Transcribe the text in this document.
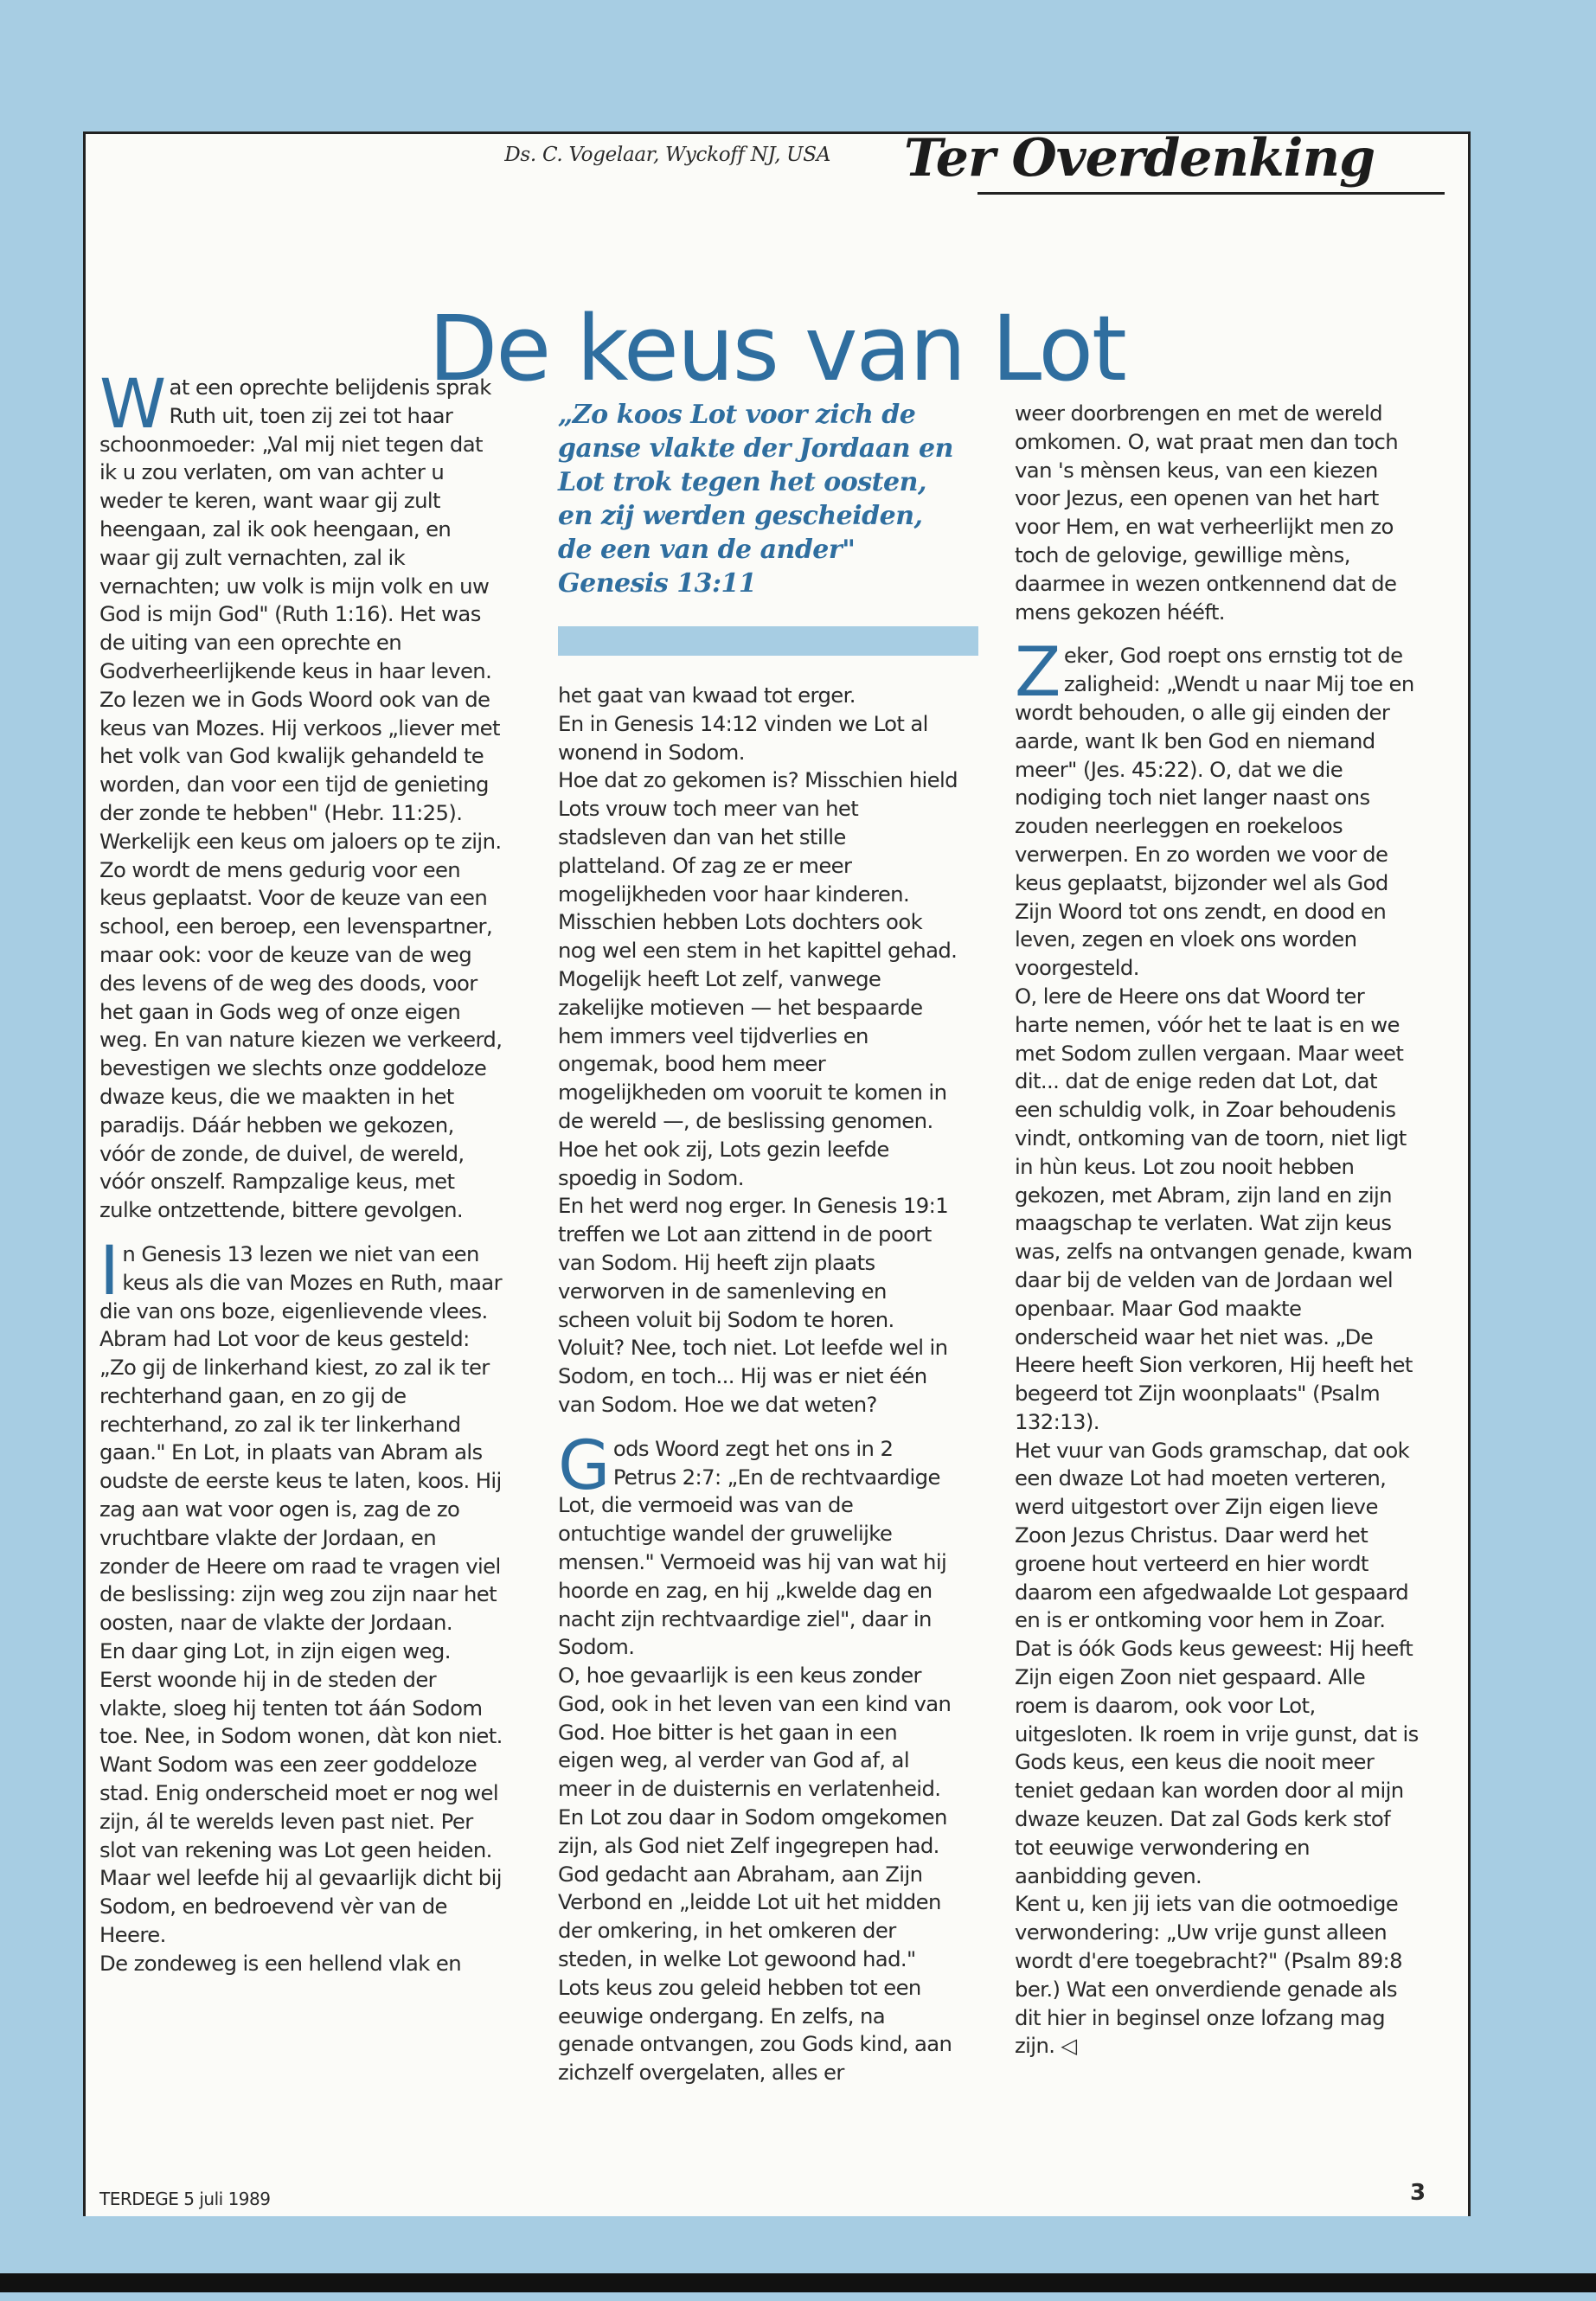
Ds. C. Vogelaar, Wyckoff NJ, USA Ter Overdenking
De keus van Lot

Wat een oprechte belijdenis sprak Ruth uit, toen zij zei tot haar schoonmoeder: „Val mij niet tegen dat ik u zou verlaten, om van achter u weder te keren, want waar gij zult heengaan, zal ik ook heengaan, en waar gij zult vernachten, zal ik vernachten; uw volk is mijn volk en uw God is mijn God" (Ruth 1:16). Het was de uiting van een oprechte en Godverheerlijkende keus in haar leven.

Zo lezen we in Gods Woord ook van de keus van Mozes. Hij verkoos „liever met het volk van God kwalijk gehandeld te worden, dan voor een tijd de genieting der zonde te hebben" (Hebr. 11:25). Werkelijk een keus om jaloers op te zijn.

Zo wordt de mens gedurig voor een keus geplaatst. Voor de keuze van een school, een beroep, een levenspartner, maar ook: voor de keuze van de weg des levens of de weg des doods, voor het gaan in Gods weg of onze eigen weg. En van nature kiezen we verkeerd, bevestigen we slechts onze goddeloze dwaze keus, die we maakten in het paradijs. Dáár hebben we gekozen, vóór de zonde, de duivel, de wereld, vóór onszelf. Rampzalige keus, met zulke ontzettende, bittere gevolgen.

In Genesis 13 lezen we niet van een keus als die van Mozes en Ruth, maar die van ons boze, eigenlievende vlees. Abram had Lot voor de keus gesteld: „Zo gij de linkerhand kiest, zo zal ik ter rechterhand gaan, en zo gij de rechterhand, zo zal ik ter linkerhand gaan." En Lot, in plaats van Abram als oudste de eerste keus te laten, koos. Hij zag aan wat voor ogen is, zag de zo vruchtbare vlakte der Jordaan, en zonder de Heere om raad te vragen viel de beslissing: zijn weg zou zijn naar het oosten, naar de vlakte der Jordaan.

En daar ging Lot, in zijn eigen weg. Eerst woonde hij in de steden der vlakte, sloeg hij tenten tot áán Sodom toe. Nee, in Sodom wonen, dàt kon niet. Want Sodom was een zeer goddeloze stad. Enig onderscheid moet er nog wel zijn, ál te werelds leven past niet. Per slot van rekening was Lot geen heiden. Maar wel leefde hij al gevaarlijk dicht bij Sodom, en bedroevend vèr van de Heere.

De zondeweg is een hellend vlak en

„Zo koos Lot voor zich de ganse vlakte der Jordaan en Lot trok tegen het oosten, en zij werden gescheiden, de een van de ander"
Genesis 13:11

het gaat van kwaad tot erger.

En in Genesis 14:12 vinden we Lot al wonend in Sodom.

Hoe dat zo gekomen is? Misschien hield Lots vrouw toch meer van het stadsleven dan van het stille platteland. Of zag ze er meer mogelijkheden voor haar kinderen. Misschien hebben Lots dochters ook nog wel een stem in het kapittel gehad. Mogelijk heeft Lot zelf, vanwege zakelijke motieven — het bespaarde hem immers veel tijdverlies en ongemak, bood hem meer mogelijkheden om vooruit te komen in de wereld —, de beslissing genomen. Hoe het ook zij, Lots gezin leefde spoedig in Sodom.

En het werd nog erger. In Genesis 19:1 treffen we Lot aan zittend in de poort van Sodom. Hij heeft zijn plaats verworven in de samenleving en scheen voluit bij Sodom te horen. Voluit? Nee, toch niet. Lot leefde wel in Sodom, en toch... Hij was er niet één van Sodom. Hoe we dat weten?

Gods Woord zegt het ons in 2 Petrus 2:7: „En de rechtvaardige Lot, die vermoeid was van de ontuchtige wandel der gruwelijke mensen." Vermoeid was hij van wat hij hoorde en zag, en hij „kwelde dag en nacht zijn rechtvaardige ziel", daar in Sodom.

O, hoe gevaarlijk is een keus zonder God, ook in het leven van een kind van God. Hoe bitter is het gaan in een eigen weg, al verder van God af, al meer in de duisternis en verlatenheid. En Lot zou daar in Sodom omgekomen zijn, als God niet Zelf ingegrepen had. God gedacht aan Abraham, aan Zijn Verbond en „leidde Lot uit het midden der omkering, in het omkeren der steden, in welke Lot gewoond had."

Lots keus zou geleid hebben tot een eeuwige ondergang. En zelfs, na genade ontvangen, zou Gods kind, aan zichzelf overgelaten, alles er

weer doorbrengen en met de wereld omkomen. O, wat praat men dan toch van 's mènsen keus, van een kiezen voor Jezus, een openen van het hart voor Hem, en wat verheerlijkt men zo toch de gelovige, gewillige mèns, daarmee in wezen ontkennend dat de mens gekozen hééft.

Zeker, God roept ons ernstig tot de zaligheid: „Wendt u naar Mij toe en wordt behouden, o alle gij einden der aarde, want Ik ben God en niemand meer" (Jes. 45:22). O, dat we die nodiging toch niet langer naast ons zouden neerleggen en roekeloos verwerpen. En zo worden we voor de keus geplaatst, bijzonder wel als God Zijn Woord tot ons zendt, en dood en leven, zegen en vloek ons worden voorgesteld.

O, lere de Heere ons dat Woord ter harte nemen, vóór het te laat is en we met Sodom zullen vergaan. Maar weet dit... dat de enige reden dat Lot, dat een schuldig volk, in Zoar behoudenis vindt, ontkoming van de toorn, niet ligt in hùn keus. Lot zou nooit hebben gekozen, met Abram, zijn land en zijn maagschap te verlaten. Wat zijn keus was, zelfs na ontvangen genade, kwam daar bij de velden van de Jordaan wel openbaar. Maar God maakte onderscheid waar het niet was. „De Heere heeft Sion verkoren, Hij heeft het begeerd tot Zijn woonplaats" (Psalm 132:13).

Het vuur van Gods gramschap, dat ook een dwaze Lot had moeten verteren, werd uitgestort over Zijn eigen lieve Zoon Jezus Christus. Daar werd het groene hout verteerd en hier wordt daarom een afgedwaalde Lot gespaard en is er ontkoming voor hem in Zoar. Dat is óók Gods keus geweest: Hij heeft Zijn eigen Zoon niet gespaard. Alle roem is daarom, ook voor Lot, uitgesloten. Ik roem in vrije gunst, dat is Gods keus, een keus die nooit meer teniet gedaan kan worden door al mijn dwaze keuzen. Dat zal Gods kerk stof tot eeuwige verwondering en aanbidding geven.

Kent u, ken jij iets van die ootmoedige verwondering: „Uw vrije gunst alleen wordt d'ere toegebracht?" (Psalm 89:8 ber.) Wat een onverdiende genade als dit hier in beginsel onze lofzang mag zijn. ◁

TERDEGE 5 juli 1989	3
